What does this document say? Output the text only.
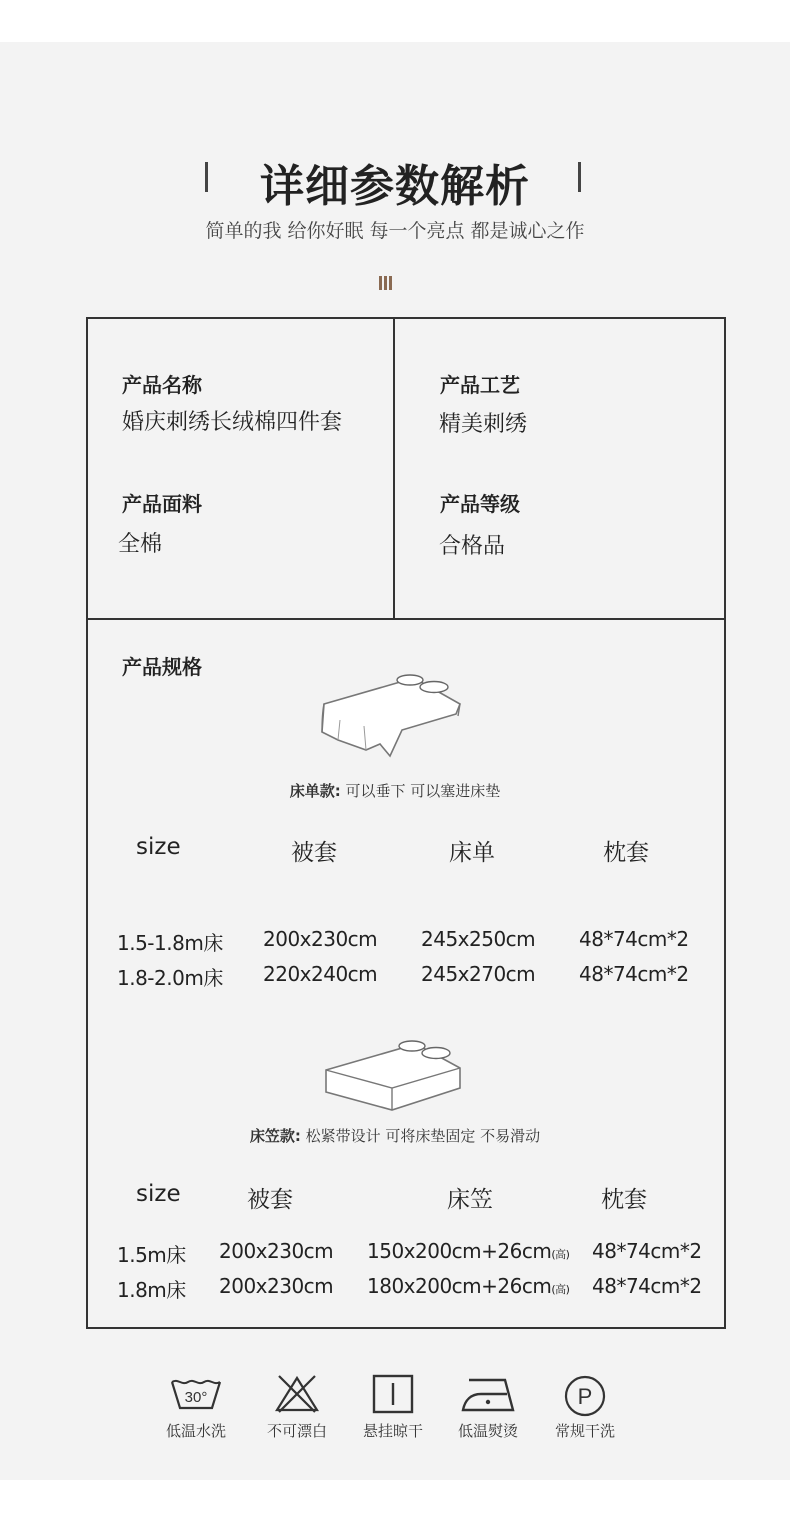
详细参数解析
简单的我 给你好眠 每一个亮点 都是诚心之作
产品名称
婚庆刺绣长绒棉四件套
产品工艺
精美刺绣
产品面料
全棉
产品等级
合格品
产品规格
床单款: 可以垂下 可以塞进床垫
size	被套	床单	枕套
1.5-1.8m床 200x230cm 245x250cm 48*74cm*2
1.8-2.0m床 220x240cm 245x270cm 48*74cm*2
床笠款: 松紧带设计 可将床垫固定 不易滑动
size	被套	床笠	枕套
1.5m床 200x230cm 150x200cm+26cm(高) 48*74cm*2
1.8m床 200x230cm 180x200cm+26cm(高) 48*74cm*2
30°
低温水洗	不可漂白	悬挂晾干	低温熨烫
P
常规干洗
